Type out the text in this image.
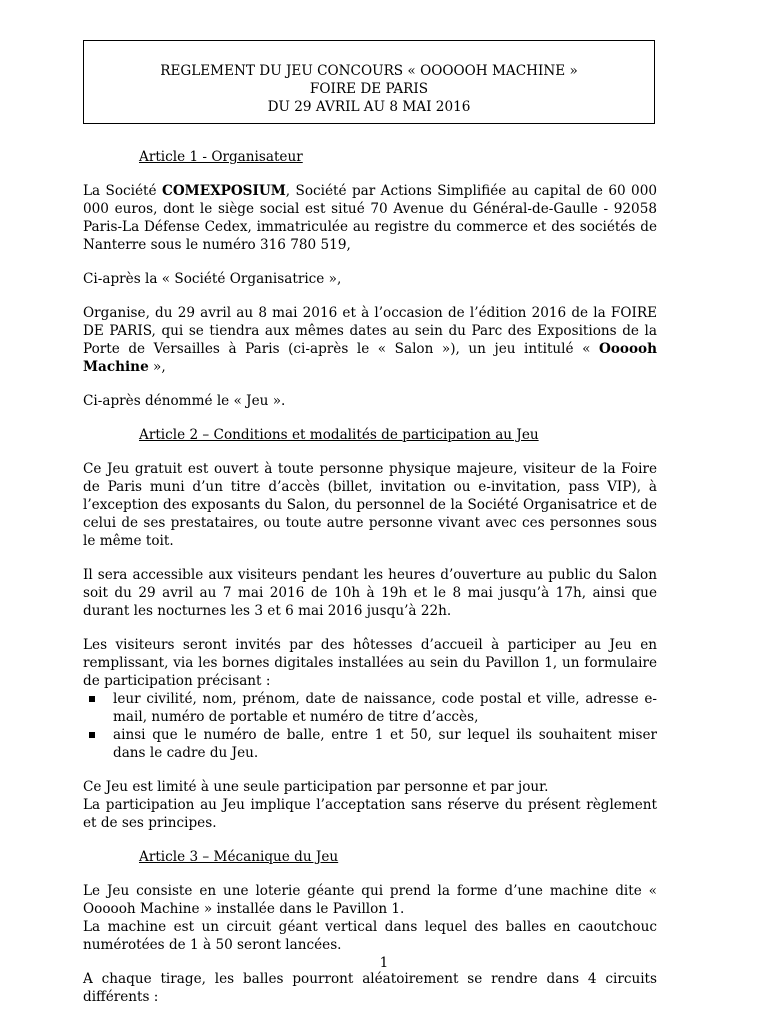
REGLEMENT DU JEU CONCOURS « OOOOOH MACHINE »
FOIRE DE PARIS
DU 29 AVRIL AU 8 MAI 2016
Article 1 - Organisateur

La Société COMEXPOSIUM, Société par Actions Simplifiée au capital de 60 000 000 euros, dont le siège social est situé 70 Avenue du Général-de-Gaulle - 92058 Paris-La Défense Cedex, immatriculée au registre du commerce et des sociétés de Nanterre sous le numéro 316 780 519,

Ci-après la « Société Organisatrice »,

Organise, du 29 avril au 8 mai 2016 et à l’occasion de l’édition 2016 de la FOIRE DE PARIS, qui se tiendra aux mêmes dates au sein du Parc des Expositions de la Porte de Versailles à Paris (ci-après le « Salon »), un jeu intitulé « Oooooh Machine »,

Ci-après dénommé le « Jeu ».

Article 2 – Conditions et modalités de participation au Jeu

Ce Jeu gratuit est ouvert à toute personne physique majeure, visiteur de la Foire de Paris muni d’un titre d’accès (billet, invitation ou e-invitation, pass VIP), à l’exception des exposants du Salon, du personnel de la Société Organisatrice et de celui de ses prestataires, ou toute autre personne vivant avec ces personnes sous le même toit.

Il sera accessible aux visiteurs pendant les heures d’ouverture au public du Salon soit du 29 avril au 7 mai 2016 de 10h à 19h et le 8 mai jusqu’à 17h, ainsi que durant les nocturnes les 3 et 6 mai 2016 jusqu’à 22h.

Les visiteurs seront invités par des hôtesses d’accueil à participer au Jeu en remplissant, via les bornes digitales installées au sein du Pavillon 1, un formulaire de participation précisant :

leur civilité, nom, prénom, date de naissance, code postal et ville, adresse e-mail, numéro de portable et numéro de titre d’accès,
ainsi que le numéro de balle, entre 1 et 50, sur lequel ils souhaitent miser dans le cadre du Jeu.

Ce Jeu est limité à une seule participation par personne et par jour.

La participation au Jeu implique l’acceptation sans réserve du présent règlement et de ses principes.

Article 3 – Mécanique du Jeu

Le Jeu consiste en une loterie géante qui prend la forme d’une machine dite « Oooooh Machine » installée dans le Pavillon 1.

La machine est un circuit géant vertical dans lequel des balles en caoutchouc numérotées de 1 à 50 seront lancées.

A chaque tirage, les balles pourront aléatoirement se rendre dans 4 circuits différents :

1
